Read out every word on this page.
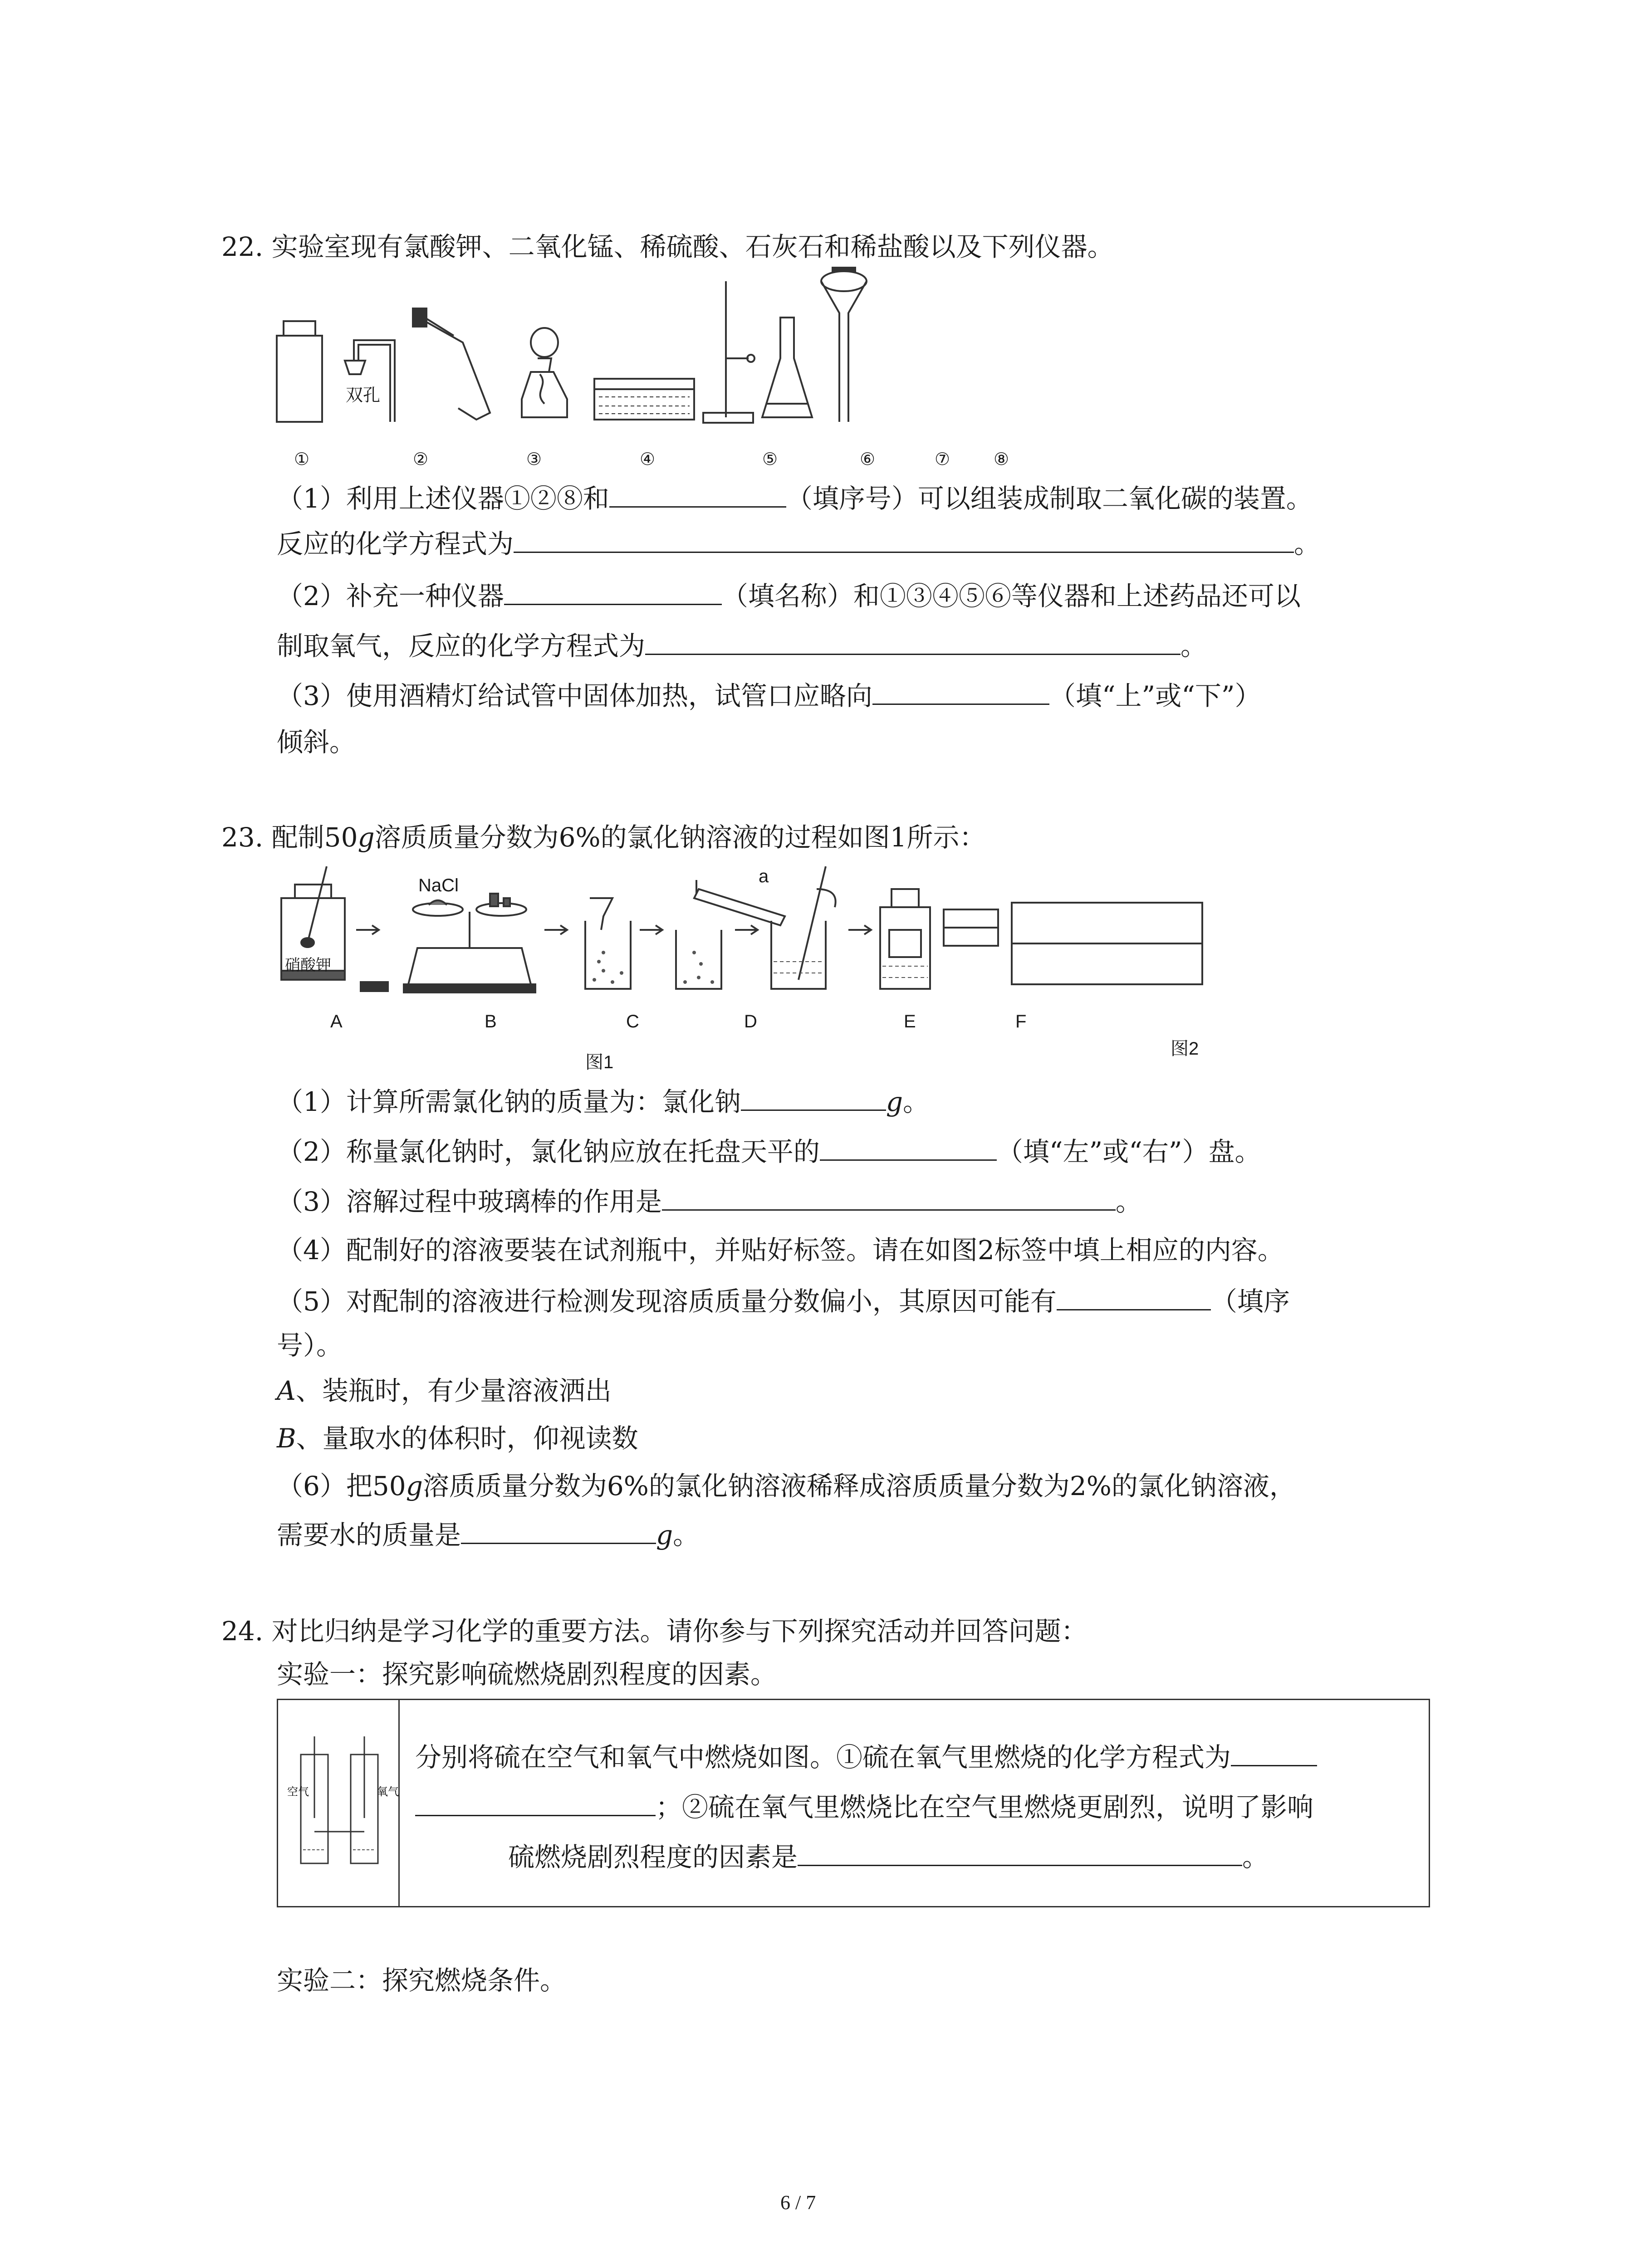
22. 实验室现有氯酸钾、二氧化锰、稀硫酸、石灰石和稀盐酸以及下列仪器。
双孔
①	②	③	④	⑤	⑥	⑦	⑧
（1）利用上述仪器①②⑧和	（填序号）可以组装成制取二氧化碳的装置。
反应的化学方程式为	。
（2）补充一种仪器	（填名称）和①③④⑤⑥等仪器和上述药品还可以
制取氧气，反应的化学方程式为	。
（3）使用酒精灯给试管中固体加热，试管口应略向	（填“上”或“下”）
倾斜。
23. 配制50g溶质质量分数为6%的氯化钠溶液的过程如图1所示：
NaCl
硝酸钾
a
A	B	C	D	E	F
图1
图2
（1）计算所需氯化钠的质量为：氯化钠	g。
（2）称量氯化钠时，氯化钠应放在托盘天平的	（填“左”或“右”）盘。
（3）溶解过程中玻璃棒的作用是	。
（4）配制好的溶液要装在试剂瓶中，并贴好标签。请在如图2标签中填上相应的内容。
（5）对配制的溶液进行检测发现溶质质量分数偏小，其原因可能有	（填序
号）。
A、装瓶时，有少量溶液洒出
B、量取水的体积时，仰视读数
（6）把50g溶质质量分数为6%的氯化钠溶液稀释成溶质质量分数为2%的氯化钠溶液，
需要水的质量是	g。
24. 对比归纳是学习化学的重要方法。请你参与下列探究活动并回答问题：
实验一：探究影响硫燃烧剧烈程度的因素。
空气	氧气
分别将硫在空气和氧气中燃烧如图。①硫在氧气里燃烧的化学方程式为
；②硫在氧气里燃烧比在空气里燃烧更剧烈，说明了影响
硫燃烧剧烈程度的因素是	。
实验二：探究燃烧条件。
6 / 7
